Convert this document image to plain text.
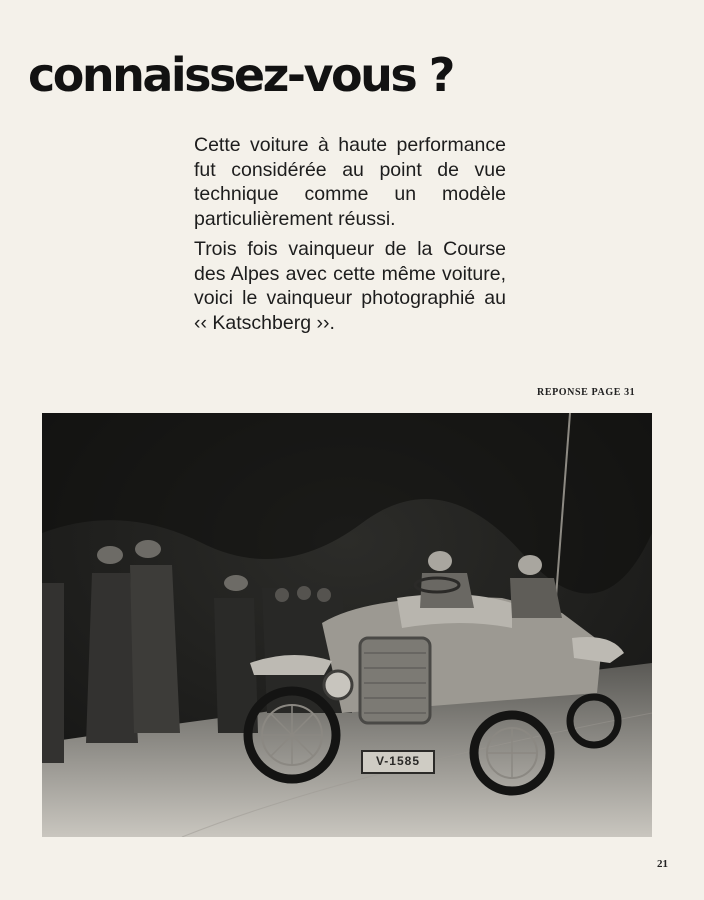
connaissez-vous ?

Cette voiture à haute performance fut considérée au point de vue technique comme un modèle particulièrement réussi.

Trois fois vainqueur de la Course des Alpes avec cette même voiture, voici le vainqueur photographié au ‹‹ Katschberg ››.

REPONSE PAGE 31
V-1585
21
